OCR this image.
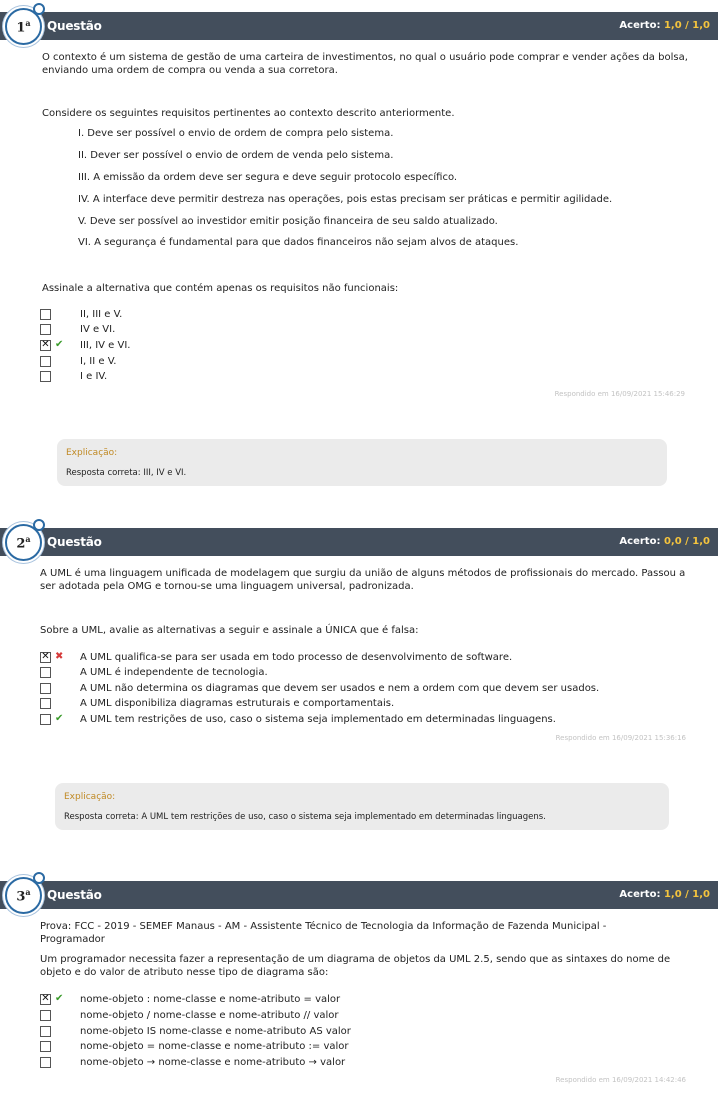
Questão	Acerto: 1,0 / 1,0
1$^a$
O contexto é um sistema de gestão de uma carteira de investimentos, no qual o usuário pode comprar e vender ações da bolsa, enviando uma ordem de compra ou venda a sua corretora.
Considere os seguintes requisitos pertinentes ao contexto descrito anteriormente.
I. Deve ser possível o envio de ordem de compra pelo sistema.
II. Dever ser possível o envio de ordem de venda pelo sistema.
III. A emissão da ordem deve ser segura e deve seguir protocolo específico.
IV. A interface deve permitir destreza nas operações, pois estas precisam ser práticas e permitir agilidade.
V. Deve ser possível ao investidor emitir posição financeira de seu saldo atualizado.
VI. A segurança é fundamental para que dados financeiros não sejam alvos de ataques.
Assinale a alternativa que contém apenas os requisitos não funcionais:
II, III e V.
IV e VI.
✕
✔ III, IV e VI.
I, II e V.
I e IV.
Respondido em 16/09/2021 15:46:29
Explicação:
Resposta correta: III, IV e VI.
Questão	Acerto: 0,0 / 1,0
2$^a$
A UML é uma linguagem unificada de modelagem que surgiu da união de alguns métodos de profissionais do mercado. Passou a ser adotada pela OMG e tornou-se uma linguagem universal, padronizada.
Sobre a UML, avalie as alternativas a seguir e assinale a ÚNICA que é falsa:
✕
✖ A UML qualifica-se para ser usada em todo processo de desenvolvimento de software.
A UML é independente de tecnologia.
A UML não determina os diagramas que devem ser usados e nem a ordem com que devem ser usados.
A UML disponibiliza diagramas estruturais e comportamentais.
✔ A UML tem restrições de uso, caso o sistema seja implementado em determinadas linguagens.
Respondido em 16/09/2021 15:36:16
Explicação:
Resposta correta: A UML tem restrições de uso, caso o sistema seja implementado em determinadas linguagens.
Questão	Acerto: 1,0 / 1,0
3$^a$
Prova: FCC - 2019 - SEMEF Manaus - AM - Assistente Técnico de Tecnologia da Informação de Fazenda Municipal - Programador
Um programador necessita fazer a representação de um diagrama de objetos da UML 2.5, sendo que as sintaxes do nome de objeto e do valor de atributo nesse tipo de diagrama são:
✕
✔ nome-objeto : nome-classe e nome-atributo = valor
nome-objeto / nome-classe e nome-atributo // valor
nome-objeto IS nome-classe e nome-atributo AS valor
nome-objeto = nome-classe e nome-atributo := valor
nome-objeto → nome-classe e nome-atributo → valor
Respondido em 16/09/2021 14:42:46
